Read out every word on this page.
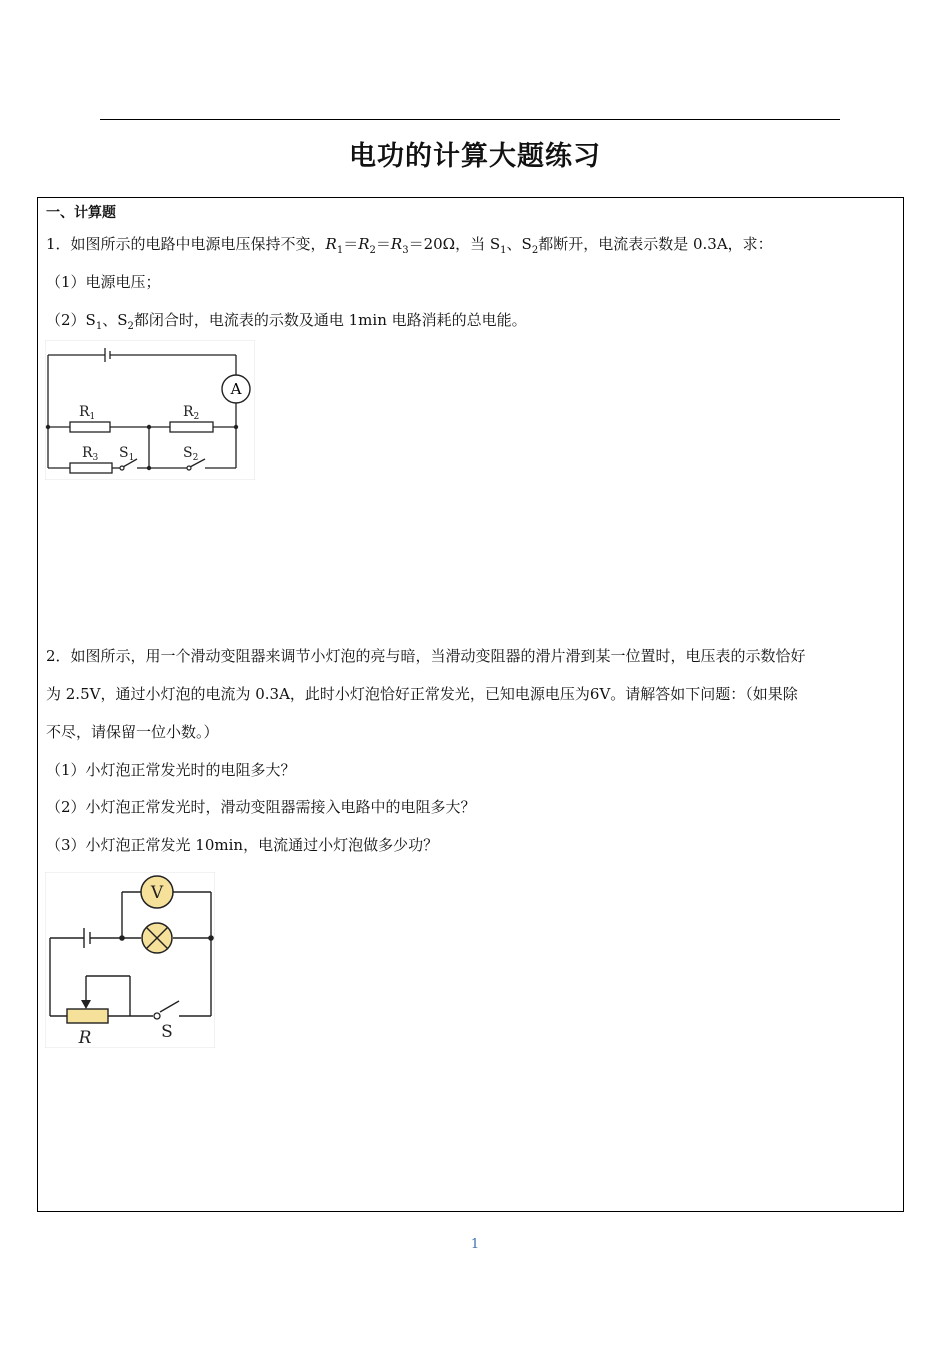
电功的计算大题练习
一、计算题
1．如图所示的电路中电源电压保持不变，$R_1=R_2=R_3=20\Omega$，当 $S_1$、$S_2$都断开，电流表示数是 0.3A，求：
（1）电源电压；
$(2)S_1$、$S_2$都闭合时，电流表的示数及通电 1min 电路消耗的总电能。
A
$R_1$	$R_2$
$R_3$ $S_1$	$S_2$
2．如图所示，用一个滑动变阻器来调节小灯泡的亮与暗，当滑动变阻器的滑片滑到某一位置时，电压表的示数恰好
为 2.5V，通过小灯泡的电流为 0.3A，此时小灯泡恰好正常发光，已知电源电压为6V。请解答如下问题：（如果除
不尽，请保留一位小数。）
（1）小灯泡正常发光时的电阻多大？
（2）小灯泡正常发光时，滑动变阻器需接入电路中的电阻多大？
（3）小灯泡正常发光 10min，电流通过小灯泡做多少功？
V
R	S
1
